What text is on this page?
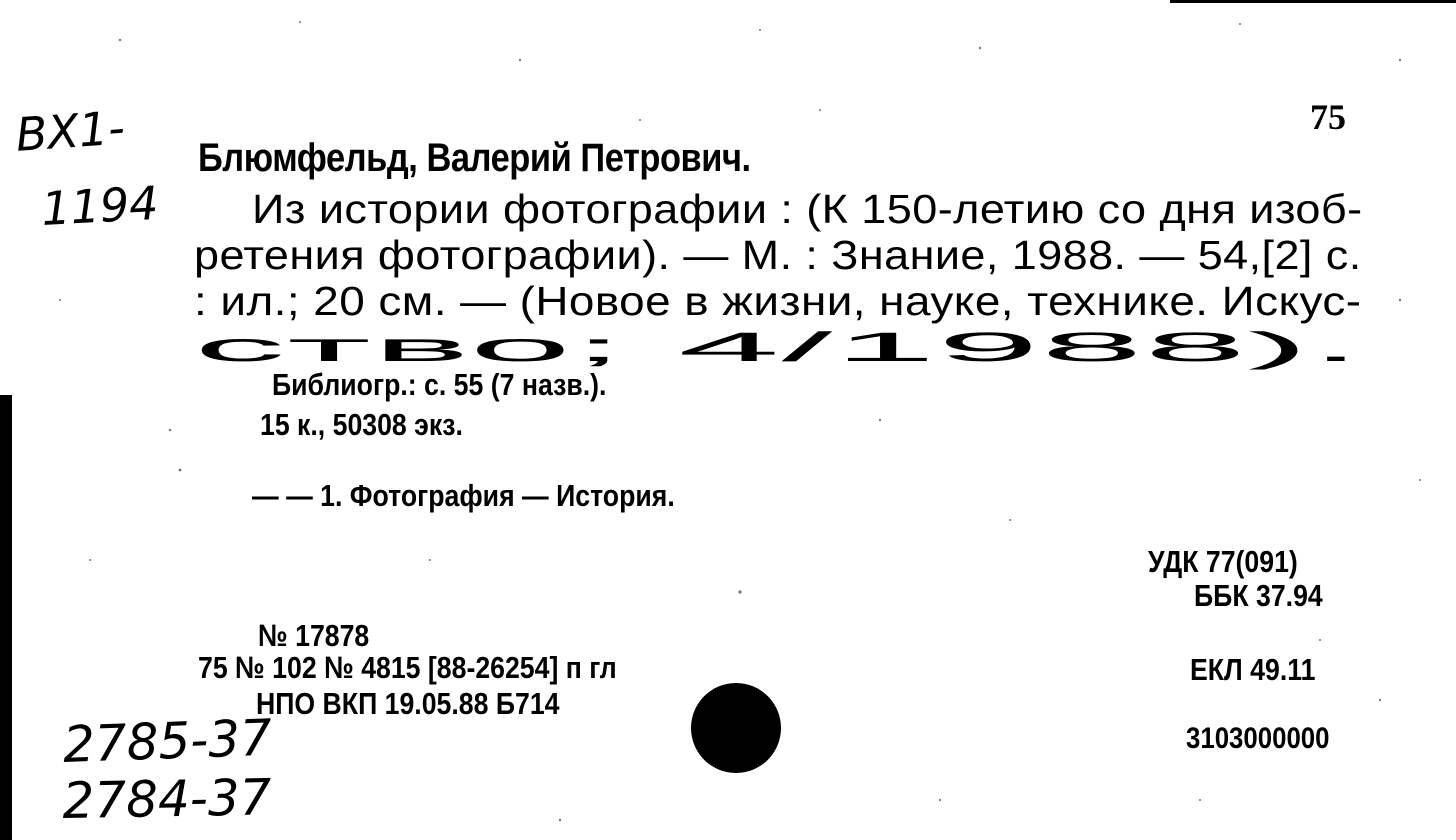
75
Блюмфельд, Валерий Петрович.
Из истории фотографии : (К 150-летию со дня изоб-
ретения фотографии). — М. : Знание, 1988. — 54,[2] с.
: ил.; 20 см. — (Новое в жизни, науке, технике. Искус-
ство; 4/1988).
Библиогр.: с. 55 (7 назв.).
15 к., 50308 экз.
— — 1. Фотография — История.
УДК 77(091)
ББК 37.94
ЕКЛ 49.11
3103000000
№ 17878
75 № 102 № 4815 [88-26254] п гл
НПО ВКП 19.05.88 Б714
ВХ1-
1194
2785-37
2784-37
